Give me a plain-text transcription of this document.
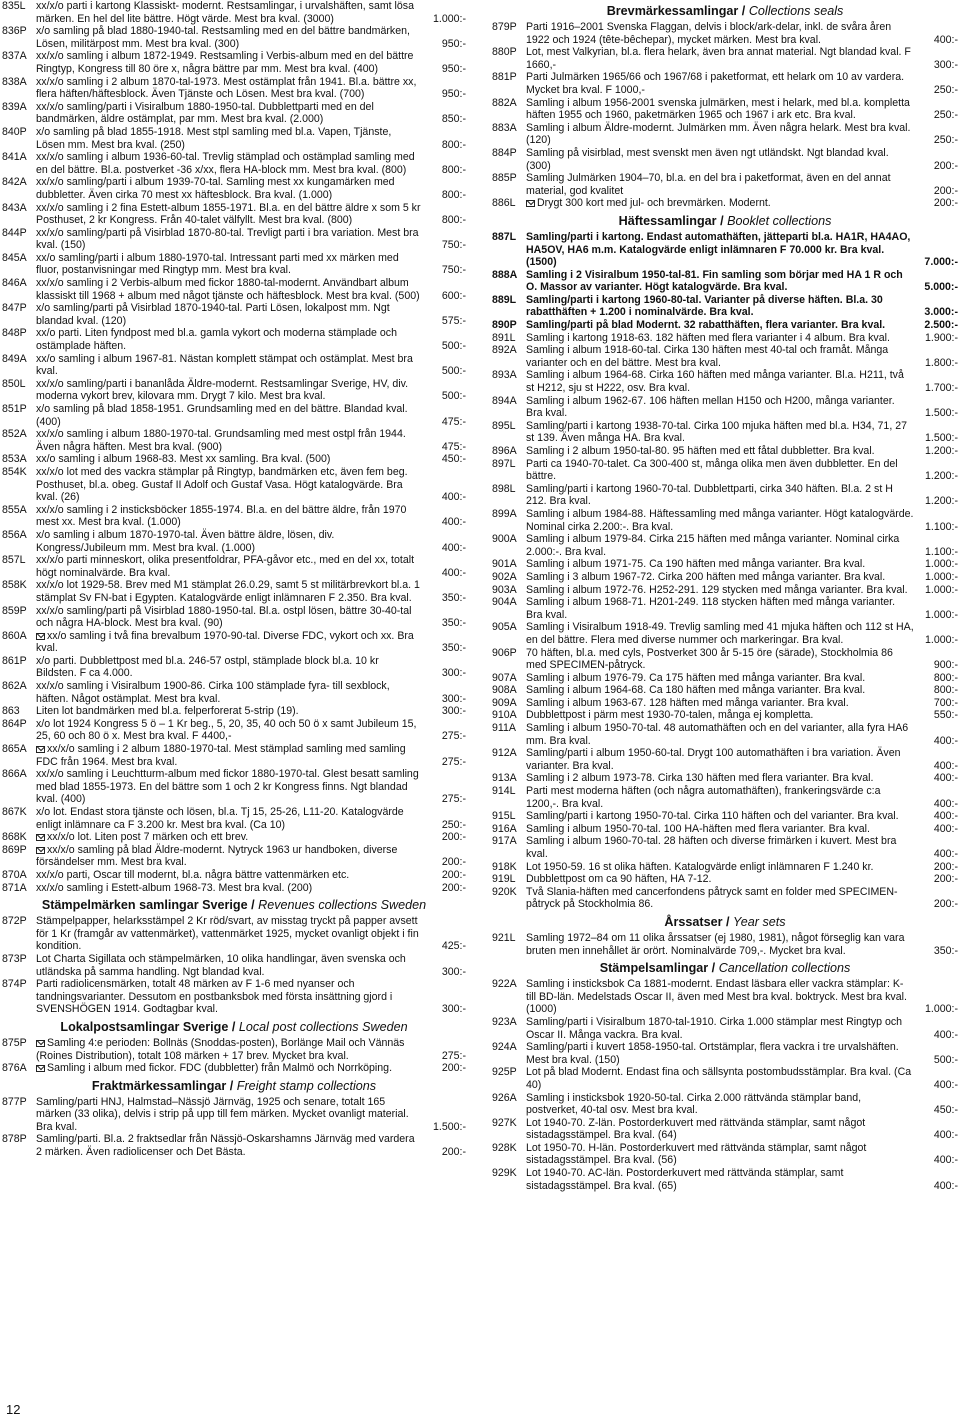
835L xx/x/o parti i kartong Klassiskt- modernt. Restsamlingar, i urvalshäften, samt lösa märken. En hel del lite bättre. Högt värde. Mest bra kval. (3000)	1.000:-
836P x/o samling på blad 1880-1940-tal. Restsamling med en del bättre bandmärken, Lösen, militärpost mm. Mest bra kval. (300)	950:-
837A xx/x/o samling i album 1872-1949. Restsamling i Verbis-album med en del bättre Ringtyp, Kongress till 80 öre x, några bättre par mm. Mest bra kval. (400)	950:-
838A xx/x/o samling i 2 album 1870-tal-1973. Mest ostämplat från 1941. Bl.a. bättre xx, flera häften/häftesblock. Även Tjänste och Lösen. Mest bra kval. (700)	950:-
839A xx/x/o samling/parti i Visiralbum 1880-1950-tal. Dubblettparti med en del bandmärken, äldre ostämplat, par mm. Mest bra kval. (2.000)	850:-
840P x/o samling på blad 1855-1918. Mest stpl samling med bl.a. Vapen, Tjänste, Lösen mm. Mest bra kval. (250)	800:-
841A xx/x/o samling i album 1936-60-tal. Trevlig stämplad och ostämplad samling med en del bättre. Bl.a. postverket -36 x/xx, flera HA-block mm. Mest bra kval. (800)	800:-
842A xx/x/o samling/parti i album 1939-70-tal. Samling mest xx kungamärken med dubbletter. Även cirka 70 mest xx häftesblock. Bra kval. (1.000)	800:-
843A xx/x/o samling i 2 fina Estett-album 1855-1971. Bl.a. en del bättre äldre x som 5 kr Posthuset, 2 kr Kongress. Från 40-talet välfyllt. Mest bra kval. (800)	800:-
844P xx/x/o samling/parti på Visirblad 1870-80-tal. Trevligt parti i bra variation. Mest bra kval. (150)	750:-
845A xx/o samling/parti i album 1880-1970-tal. Intressant parti med xx märken med fluor, postanvisningar med Ringtyp mm. Mest bra kval.	750:-
846A xx/x/o samling i 2 Verbis-album med fickor 1880-tal-modernt. Användbart album klassiskt till 1968 + album med något tjänste och häftesblock. Mest bra kval. (500)	600:-
847P x/o samling/parti på Visirblad 1870-1940-tal. Parti Lösen, lokalpost mm. Ngt blandad kval. (120)	575:-
848P xx/o parti. Liten fyndpost med bl.a. gamla vykort och moderna stämplade och ostämplade häften.	500:-
849A xx/o samling i album 1967-81. Nästan komplett stämpat och ostämplat. Mest bra kval.	500:-
850L xx/x/o samling/parti i bananlåda Äldre-modernt. Restsamlingar Sverige, HV, div. moderna vykort brev, kilovara mm. Drygt 7 kilo. Mest bra kval.	500:-
851P x/o samling på blad 1858-1951. Grundsamling med en del bättre. Blandad kval. (400)	475:-
852A xx/x/o samling i album 1880-1970-tal. Grundsamling med mest ostpl från 1944. Även några häften. Mest bra kval. (900)	475:-
853A xx/o samling i album 1968-83. Mest xx samling. Bra kval. (500)	450:-
854K xx/x/o lot med des vackra stämplar på Ringtyp, bandmärken etc, även fem beg. Posthuset, bl.a. obeg. Gustaf II Adolf och Gustaf Vasa. Högt katalogvärde. Bra kval. (26)	400:-
855A xx/x/o samling i 2 insticksböcker 1855-1974. Bl.a. en del bättre äldre, från 1970 mest xx. Mest bra kval. (1.000)	400:-
856A x/o samling i album 1870-1970-tal. Även bättre äldre, lösen, div. Kongress/Jubileum mm. Mest bra kval. (1.000)	400:-
857L xx/x/o parti minneskort, olika presentfoldrar, PFA-gåvor etc., med en del xx, totalt högt nominalvärde. Bra kval.	400:-
858K xx/x/o lot 1929-58. Brev med M1 stämplat 26.0.29, samt 5 st militärbrevkort bl.a. 1 stämplat Sv FN-bat i Egypten. Katalogvärde enligt inlämnaren F 2.350. Bra kval.	350:-
859P xx/x/o samling/parti på Visirblad 1880-1950-tal. Bl.a. ostpl lösen, bättre 30-40-tal och några HA-block. Mest bra kval. (90)	350:-
860A	xx/o samling i två fina brevalbum 1970-90-tal. Diverse FDC, vykort och xx. Bra kval.	350:-
861P x/o parti. Dubblettpost med bl.a. 246-57 ostpl, stämplade block bl.a. 10 kr Bildsten. F ca 4.000.	300:-
862A xx/x/o samling i Visiralbum 1900-86. Cirka 100 stämplade fyra- till sexblock, häften. Något ostämplat. Mest bra kval.	300:-
863	Liten lot bandmärken med bl.a. felperforerat 5-strip (19).	300:-
864P x/o lot 1924 Kongress 5 ö – 1 Kr beg., 5, 20, 35, 40 och 50 ö x samt Jubileum 15, 25, 60 och 80 ö x. Mest bra kval. F 4400,-	275:-
865A	xx/x/o samling i 2 album 1880-1970-tal. Mest stämplad samling med samling FDC från 1964. Mest bra kval.	275:-
866A xx/x/o samling i Leuchtturm-album med fickor 1880-1970-tal. Glest besatt samling med blad 1855-1973. En del bättre som 1 och 2 kr Kongress finns. Ngt blandad kval. (400)	275:-
867K x/o lot. Endast stora tjänste och lösen, bl.a. Tj 15, 25-26, L11-20. Katalogvärde enligt inlämnare ca F 3.200 kr. Mest bra kval. (Ca 10)	250:-
868K	xx/x/o lot. Liten post 7 märken och ett brev.	200:-
869P	xx/x/o samling på blad Äldre-modernt. Nytryck 1963 ur handboken, diverse försändelser mm. Mest bra kval.	200:-
870A xx/x/o parti, Oscar till modernt, bl.a. några bättre vattenmärken etc.	200:-
871A xx/x/o samling i Estett-album 1968-73. Mest bra kval. (200)	200:-
Stämpelmärken samlingar Sverige / Revenues collections Sweden
872P Stämpelpapper, helarksstämpel 2 Kr röd/svart, av misstag tryckt på papper avsett för 1 Kr (framgår av vattenmärket), vattenmärket 1925, mycket ovanligt objekt i fin kondition.	425:-
873P Lot Charta Sigillata och stämpelmärken, 10 olika handlingar, även svenska och utländska på samma handling. Ngt blandad kval.	300:-
874P Parti radiolicensmärken, totalt 48 märken av F 1-6 med nyanser och tandningsvarianter. Dessutom en postbanksbok med första insättning gjord i SVENSHÖGEN 1914. Godtagbar kval.	300:-
Lokalpostsamlingar Sverige / Local post collections Sweden
875P	Samling 4:e perioden: Bollnäs (Snoddas-posten), Borlänge Mail och Vännäs (Roines Distribution), totalt 108 märken + 17 brev. Mycket bra kval.	275:-
876A	Samling i album med fickor. FDC (dubbletter) från Malmö och Norrköping.	200:-
Fraktmärkessamlingar / Freight stamp collections
877P Samling/parti HNJ, Halmstad–Nässjö Järnväg, 1925 och senare, totalt 165 märken (33 olika), delvis i strip på upp till fem märken. Mycket ovanligt material. Bra kval.	1.500:-
878P Samling/parti. Bl.a. 2 fraktsedlar från Nässjö-Oskarshamns Järnväg med vardera 2 märken. Även radiolicenser och Det Bästa.	200:-
Brevmärkessamlingar / Collections seals
879P Parti 1916–2001 Svenska Flaggan, delvis i block/ark-delar, inkl. de svåra åren 1922 och 1924 (tête-bêchepar), mycket märken. Mest bra kval.	400:-
880P Lot, mest Valkyrian, bl.a. flera helark, även bra annat material. Ngt blandad kval. F 1660,-	300:-
881P Parti Julmärken 1965/66 och 1967/68 i paketformat, ett helark om 10 av vardera. Mycket bra kval. F 1000,-	250:-
882A Samling i album 1956-2001 svenska julmärken, mest i helark, med bl.a. kompletta häften 1955 och 1960, paketmärken 1965 och 1967 i ark etc. Bra kval.	250:-
883A Samling i album Äldre-modernt. Julmärken mm. Även några helark. Mest bra kval. (120)	250:-
884P Samling på visirblad, mest svenskt men även ngt utländskt. Ngt blandad kval. (300)	200:-
885P Samling Julmärken 1904–70, bl.a. en del bra i paketformat, även en del annat material, god kvalitet	200:-
886L	Drygt 300 kort med jul- och brevmärken. Modernt.	200:-
Häftessamlingar / Booklet collections
887L Samling/parti i kartong. Endast automathäften, jätteparti bl.a. HA1R, HA4AO, HA5OV, HA6 m.m. Katalogvärde enligt inlämnaren F 70.000 kr. Bra kval. (1500)	7.000:-
888A Samling i 2 Visiralbum 1950-tal-81. Fin samling som börjar med HA 1 R och O. Massor av varianter. Högt katalogvärde. Bra kval.	5.000:-
889L Samling/parti i kartong 1960-80-tal. Varianter på diverse häften. Bl.a. 30 rabatthäften + 1.200 i nominalvärde. Bra kval.	3.000:-
890P Samling/parti på blad Modernt. 32 rabatthäften, flera varianter. Bra kval.	2.500:-
891L Samling i kartong 1918-63. 182 häften med flera varianter i 4 album. Bra kval.	1.900:-
892A Samling i album 1918-60-tal. Cirka 130 häften mest 40-tal och framåt. Många varianter och en del bättre. Mest bra kval.	1.800:-
893A Samling i album 1964-68. Cirka 160 häften med många varianter. Bl.a. H211, två st H212, sju st H222, osv. Bra kval.	1.700:-
894A Samling i album 1962-67. 106 häften mellan H150 och H200, många varianter. Bra kval.	1.500:-
895L Samling/parti i kartong 1938-70-tal. Cirka 100 mjuka häften med bl.a. H34, 71, 27 st 139. Även många HA. Bra kval.	1.500:-
896A Samling i 2 album 1950-tal-80. 95 häften med ett fåtal dubbletter. Bra kval.	1.200:-
897L Parti ca 1940-70-talet. Ca 300-400 st, många olika men även dubbletter. En del bättre.	1.200:-
898L Samling/parti i kartong 1960-70-tal. Dubblettparti, cirka 340 häften. Bl.a. 2 st H 212. Bra kval.	1.200:-
899A Samling i album 1984-88. Häftessamling med många varianter. Högt katalogvärde. Nominal cirka 2.200:-. Bra kval.	1.100:-
900A Samling i album 1979-84. Cirka 215 häften med många varianter. Nominal cirka 2.000:-. Bra kval.	1.100:-
901A Samling i album 1971-75. Ca 190 häften med många varianter. Bra kval.	1.000:-
902A Samling i 3 album 1967-72. Cirka 200 häften med många varianter. Bra kval.	1.000:-
903A Samling i album 1972-76. H252-291. 129 stycken med många varianter. Bra kval.	1.000:-
904A Samling i album 1968-71. H201-249. 118 stycken häften med många varianter. Bra kval.	1.000:-
905A Samling i Visiralbum 1918-49. Trevlig samling med 41 mjuka häften och 112 st HA, en del bättre. Flera med diverse nummer och markeringar. Bra kval.	1.000:-
906P 70 häften, bl.a. med cyls, Postverket 300 år 5-15 öre (särade), Stockholmia 86 med SPECIMEN-påtryck.	900:-
907A Samling i album 1976-79. Ca 175 häften med många varianter. Bra kval.	800:-
908A Samling i album 1964-68. Ca 180 häften med många varianter. Bra kval.	800:-
909A Samling i album 1963-67. 128 häften med många varianter. Bra kval.	700:-
910A Dubblettpost i pärm mest 1930-70-talen, många ej kompletta.	550:-
911A Samling i album 1950-70-tal. 48 automathäften och en del varianter, alla fyra HA6 mm. Bra kval.	400:-
912A Samling/parti i album 1950-60-tal. Drygt 100 automathäften i bra variation. Även varianter. Bra kval.	400:-
913A Samling i 2 album 1973-78. Cirka 130 häften med flera varianter. Bra kval.	400:-
914L Parti mest moderna häften (och några automathäften), frankeringsvärde c:a 1200,-. Bra kval.	400:-
915L Samling/parti i kartong 1950-70-tal. Cirka 110 häften och del varianter. Bra kval.	400:-
916A Samling i album 1950-70-tal. 100 HA-häften med flera varianter. Bra kval.	400:-
917A Samling i album 1960-70-tal. 28 häften och diverse frimärken i kuvert. Mest bra kval.	400:-
918K Lot 1950-59. 16 st olika häften. Katalogvärde enligt inlämnaren F 1.240 kr.	200:-
919L Dubblettpost om ca 90 häften, HA 7-12.	200:-
920K Två Slania-häften med cancerfondens påtryck samt en folder med SPECIMEN-påtryck på Stockholmia 86.	200:-
Årssatser / Year sets
921L Samling 1972–84 om 11 olika årssatser (ej 1980, 1981), något förseglig kan vara bruten men innehållet är orört. Nominalvärde 709,-. Mycket bra kval.	350:-
Stämpelsamlingar / Cancellation collections
922A Samling i insticksbok Ca 1881-modernt. Endast läsbara eller vackra stämplar: K- till BD-län. Medelstads Oscar II, även med Mest bra kval. boktryck. Mest bra kval. (1000)	1.000:-
923A Samling/parti i Visiralbum 1870-tal-1910. Cirka 1.000 stämplar mest Ringtyp och Oscar II. Många vackra. Bra kval.	400:-
924A Samling/parti i kuvert 1858-1950-tal. Ortstämplar, flera vackra i tre urvalshäften. Mest bra kval. (150)	500:-
925P Lot på blad Modernt. Endast fina och sällsynta postombudsstämplar. Bra kval. (Ca 40)	400:-
926A Samling i insticksbok 1920-50-tal. Cirka 2.000 rättvända stämplar band, postverket, 40-tal osv. Mest bra kval.	450:-
927K Lot 1940-70. Z-län. Postorderkuvert med rättvända stämplar, samt något sistadagsstämpel. Bra kval. (64)	400:-
928K Lot 1950-70. H-län. Postorderkuvert med rättvända stämplar, samt något sistadagsstämpel. Bra kval. (56)	400:-
929K Lot 1940-70. AC-län. Postorderkuvert med rättvända stämplar, samt sistadagsstämpel. Bra kval. (65)	400:-
12
